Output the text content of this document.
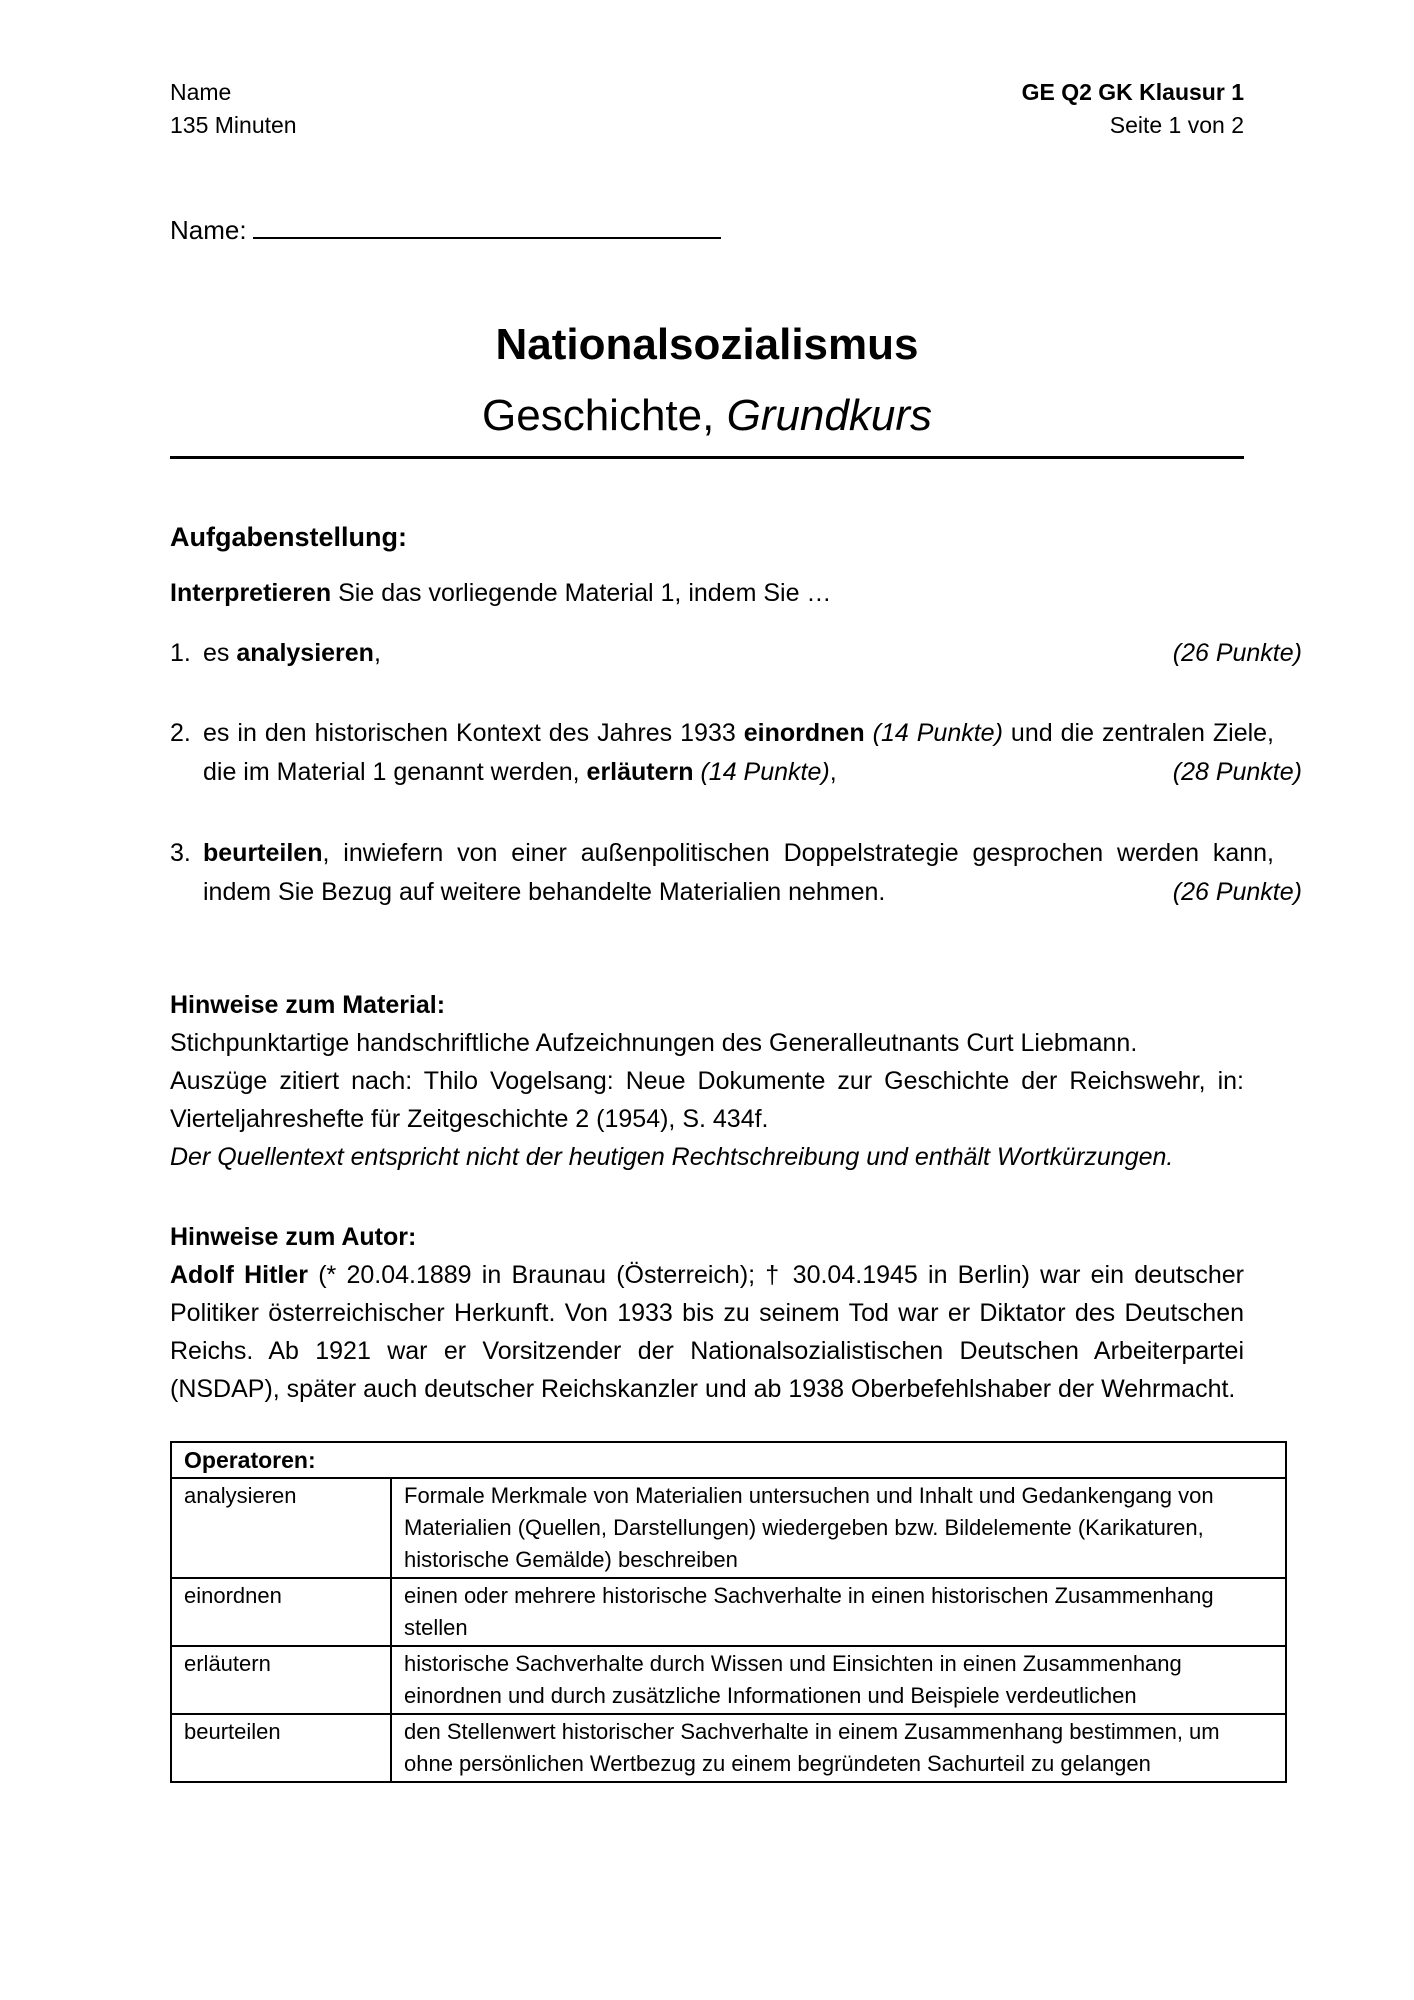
Name
135 Minuten
GE Q2 GK Klausur 1
Seite 1 von 2
Name:
Nationalsozialismus
Geschichte, Grundkurs
Aufgabenstellung:
Interpretieren Sie das vorliegende Material 1, indem Sie …
1. es analysieren,	(26 Punkte)
2. es in den historischen Kontext des Jahres 1933 einordnen (14 Punkte) und die zentralen Ziele, die im Material 1 genannt werden, erläutern (14 Punkte),	(28 Punkte)
3. beurteilen, inwiefern von einer außenpolitischen Doppelstrategie gesprochen werden kann, indem Sie Bezug auf weitere behandelte Materialien nehmen.	(26 Punkte)
Hinweise zum Material:
Stichpunktartige handschriftliche Aufzeichnungen des Generalleutnants Curt Liebmann.
Auszüge zitiert nach: Thilo Vogelsang: Neue Dokumente zur Geschichte der Reichswehr, in: Vierteljahreshefte für Zeitgeschichte 2 (1954), S. 434f.
Der Quellentext entspricht nicht der heutigen Rechtschreibung und enthält Wortkürzungen.
Hinweise zum Autor:
Adolf Hitler (* 20.04.1889 in Braunau (Österreich); † 30.04.1945 in Berlin) war ein deutscher Politiker österreichischer Herkunft. Von 1933 bis zu seinem Tod war er Diktator des Deutschen Reichs. Ab 1921 war er Vorsitzender der Nationalsozialistischen Deutschen Arbeiterpartei (NSDAP), später auch deutscher Reichskanzler und ab 1938 Oberbefehlshaber der Wehrmacht.
Operatoren:	
analysieren	Formale Merkmale von Materialien untersuchen und Inhalt und Gedankengang von Materialien (Quellen, Darstellungen) wiedergeben bzw. Bildelemente (Karikaturen, historische Gemälde) beschreiben
einordnen	einen oder mehrere historische Sachverhalte in einen historischen Zusammenhang stellen
erläutern	historische Sachverhalte durch Wissen und Einsichten in einen Zusammenhang einordnen und durch zusätzliche Informationen und Beispiele verdeutlichen
beurteilen	den Stellenwert historischer Sachverhalte in einem Zusammenhang bestimmen, um ohne persönlichen Wertbezug zu einem begründeten Sachurteil zu gelangen
